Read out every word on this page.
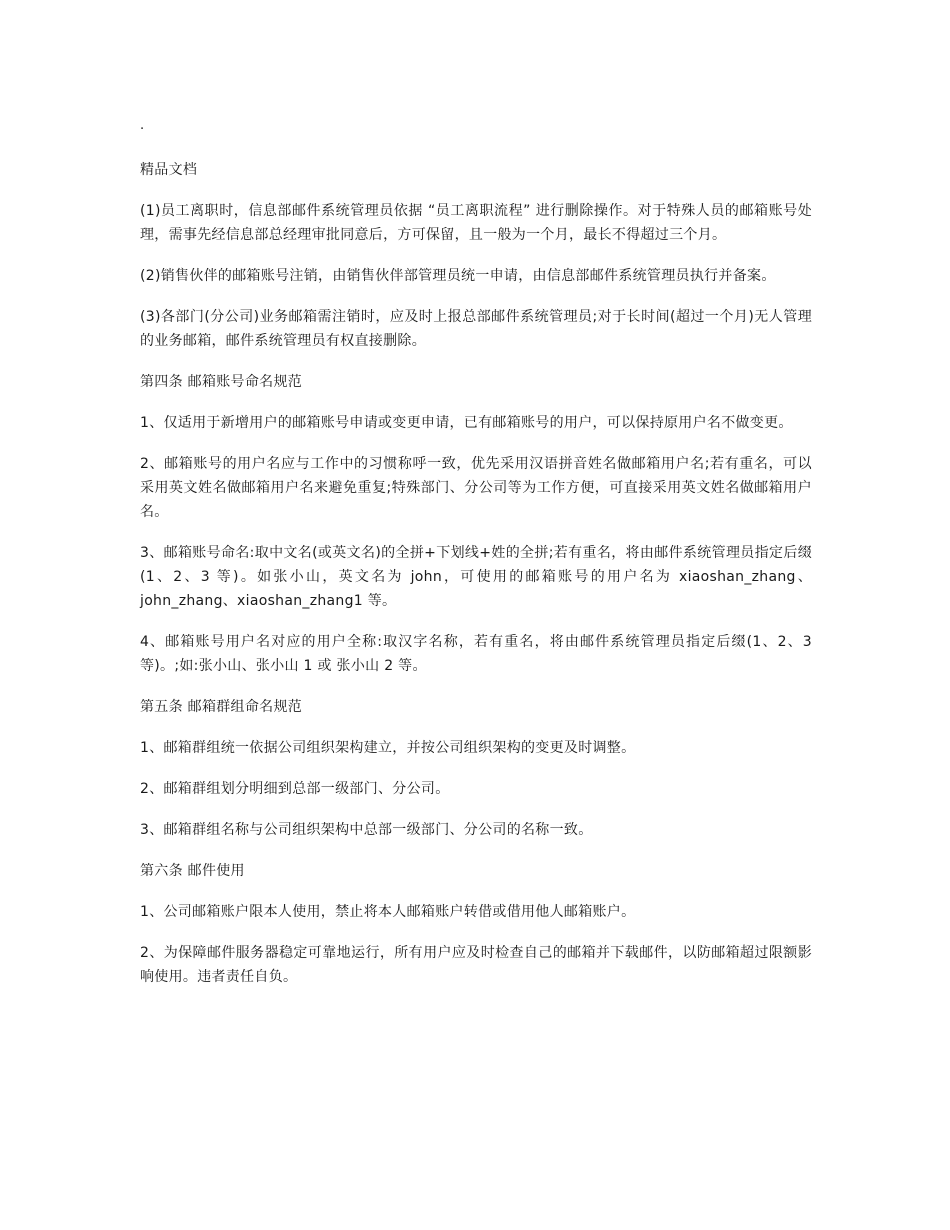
.
精品文档

(1)员工离职时，信息部邮件系统管理员依据 “员工离职流程” 进行删除操作。对于特殊人员的邮箱账号处理，需事先经信息部总经理审批同意后，方可保留，且一般为一个月，最长不得超过三个月。

(2)销售伙伴的邮箱账号注销，由销售伙伴部管理员统一申请，由信息部邮件系统管理员执行并备案。

(3)各部门(分公司)业务邮箱需注销时，应及时上报总部邮件系统管理员;对于长时间(超过一个月)无人管理的业务邮箱，邮件系统管理员有权直接删除。

第四条 邮箱账号命名规范

1、仅适用于新增用户的邮箱账号申请或变更申请，已有邮箱账号的用户，可以保持原用户名不做变更。

2、邮箱账号的用户名应与工作中的习惯称呼一致，优先采用汉语拼音姓名做邮箱用户名;若有重名，可以采用英文姓名做邮箱用户名来避免重复;特殊部门、分公司等为工作方便，可直接采用英文姓名做邮箱用户名。

3、邮箱账号命名:取中文名(或英文名)的全拼+下划线+姓的全拼;若有重名，将由邮件系统管理员指定后缀(1、2、3 等)。如张小山，英文名为 john，可使用的邮箱账号的用户名为 xiaoshan_zhang、john_zhang、xiaoshan_zhang1 等。

4、邮箱账号用户名对应的用户全称:取汉字名称，若有重名，将由邮件系统管理员指定后缀(1、2、3 等)。;如:张小山、张小山 1 或 张小山 2 等。

第五条 邮箱群组命名规范

1、邮箱群组统一依据公司组织架构建立，并按公司组织架构的变更及时调整。

2、邮箱群组划分明细到总部一级部门、分公司。

3、邮箱群组名称与公司组织架构中总部一级部门、分公司的名称一致。

第六条 邮件使用

1、公司邮箱账户限本人使用，禁止将本人邮箱账户转借或借用他人邮箱账户。

2、为保障邮件服务器稳定可靠地运行，所有用户应及时检查自己的邮箱并下载邮件，以防邮箱超过限额影响使用。违者责任自负。
